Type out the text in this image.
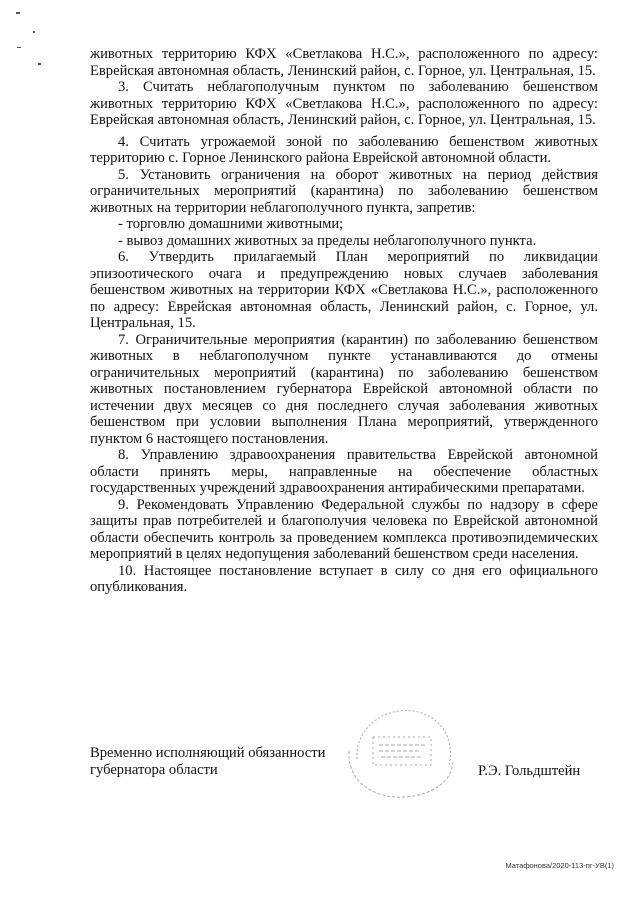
животных территорию КФХ «Светлакова Н.С.», расположенного по адресу: Еврейская автономная область, Ленинский район, с. Горное, ул. Центральная, 15.

3. Считать неблагополучным пунктом по заболеванию бешенством животных территорию КФХ «Светлакова Н.С.», расположенного по адресу: Еврейская автономная область, Ленинский район, с. Горное, ул. Центральная, 15.

4. Считать угрожаемой зоной по заболеванию бешенством животных территорию с. Горное Ленинского района Еврейской автономной области.

5. Установить ограничения на оборот животных на период действия ограничительных мероприятий (карантина) по заболеванию бешенством животных на территории неблагополучного пункта, запретив:

- торговлю домашними животными;

- вывоз домашних животных за пределы неблагополучного пункта.

6. Утвердить прилагаемый План мероприятий по ликвидации эпизоотического очага и предупреждению новых случаев заболевания бешенством животных на территории КФХ «Светлакова Н.С.», расположенного по адресу: Еврейская автономная область, Ленинский район, с. Горное, ул. Центральная, 15.

7. Ограничительные мероприятия (карантин) по заболеванию бешенством животных в неблагополучном пункте устанавливаются до отмены ограничительных мероприятий (карантина) по заболеванию бешенством животных постановлением губернатора Еврейской автономной области по истечении двух месяцев со дня последнего случая заболевания животных бешенством при условии выполнения Плана мероприятий, утвержденного пунктом 6 настоящего постановления.

8. Управлению здравоохранения правительства Еврейской автономной области принять меры, направленные на обеспечение областных государственных учреждений здравоохранения антирабическими препаратами.

9. Рекомендовать Управлению Федеральной службы по надзору в сфере защиты прав потребителей и благополучия человека по Еврейской автономной области обеспечить контроль за проведением комплекса противоэпидемических мероприятий в целях недопущения заболеваний бешенством среди населения.

10. Настоящее постановление вступает в силу со дня его официального опубликования.

Временно исполняющий обязанности
губернатора области	Р.Э. Гольдштейн
Матафонова/2020-113-пг-УВ(1)
